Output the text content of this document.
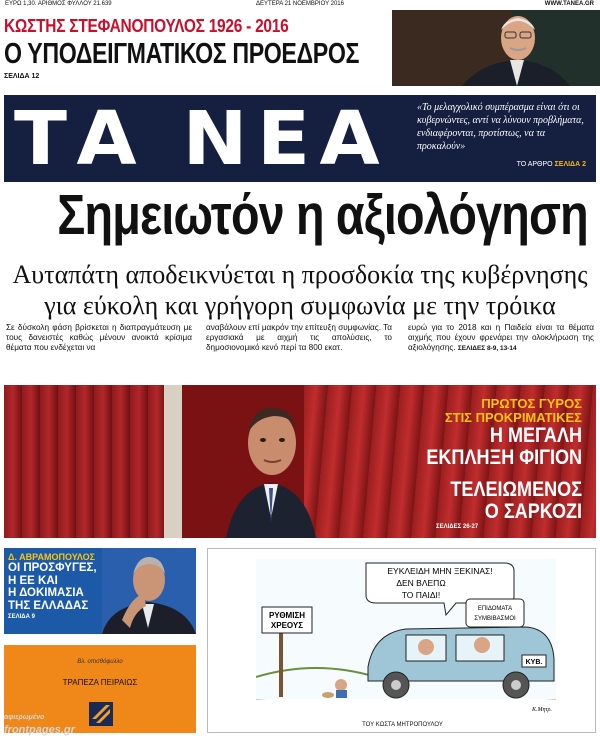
ΕΥΡΩ 1,30. ΑΡΙΘΜΟΣ ΦΥΛΛΟΥ 21.639	ΔΕΥΤΕΡΑ 21 ΝΟΕΜΒΡΙΟΥ 2016	WWW.TANEA.GR
ΚΩΣΤΗΣ ΣΤΕΦΑΝΟΠΟΥΛΟΣ 1926 - 2016
Ο ΥΠΟΔΕΙΓΜΑΤΙΚΟΣ ΠΡΟΕΔΡΟΣ
ΣΕΛΙΔΑ 12
ΤΑ ΝΕΑ	«Το μελαγχολικό συμπέρασμα είναι ότι οι κυβερνώντες, αντί να λύνουν προβλήματα, ενδιαφέρονται, προτίστως, να τα προκαλούν»
ΤΟ ΑΡΘΡΟ ΣΕΛΙΔΑ 2
Σημειωτόν η αξιολόγηση
Αυταπάτη αποδεικνύεται η προσδοκία της κυβέρνησης
για εύκολη και γρήγορη συμφωνία με την τρόικα
Σε δύσκολη φάση βρίσκεται η διαπραγμάτευση με τους δανειστές καθώς μένουν ανοικτά κρίσιμα θέματα που ενδέχεται να
αναβάλουν επί μακρόν την επίτευξη συμφωνίας. Τα εργασιακά με αιχμή τις απολύσεις, το δημοσιονομικό κενό περί τα 800 εκατ.
ευρώ για το 2018 και η Παιδεία είναι τα θέματα αιχμής που έχουν φρενάρει την ολοκλήρωση της αξιολόγησης. ΣΕΛΙΔΕΣ 8-9, 13-14
ΠΡΩΤΟΣ ΓΥΡΟΣ
ΣΤΙΣ ΠΡΟΚΡΙΜΑΤΙΚΕΣ
Η ΜΕΓΑΛΗ
ΕΚΠΛΗΞΗ ΦΙΓΙΟΝ
ΤΕΛΕΙΩΜΕΝΟΣ
Ο ΣΑΡΚΟΖΙ
ΣΕΛΙΔΕΣ 26-27
Δ. ΑΒΡΑΜΟΠΟΥΛΟΣ
ΟΙ ΠΡΟΣΦΥΓΕΣ,
Η ΕΕ ΚΑΙ
Η ΔΟΚΙΜΑΣΙΑ
ΤΗΣ ΕΛΛΑΔΑΣ
ΣΕΛΙΔΑ 9
Βλ. οπισθόφυλλο
ΤΡΑΠΕΖΑ ΠΕΙΡΑΙΩΣ
αφιερωμένο
frontpages.gr
ΡΥΘΜΙΣΗ
ΧΡΕΟΥΣ
ΕΥΚΛΕΙΔΗ ΜΗΝ ΞΕΚΙΝΑΣ!
ΔΕΝ ΒΛΕΠΩ
ΤΟ ΠΑΙΔΙ!
ΕΠΙΔΟΜΑΤΑ
ΣΥΜΒΙΒΑΣΜΟΙ
ΚΥΒ.
Κ.Μητρ.
ΤΟΥ ΚΩΣΤΑ ΜΗΤΡΟΠΟΥΛΟΥ
